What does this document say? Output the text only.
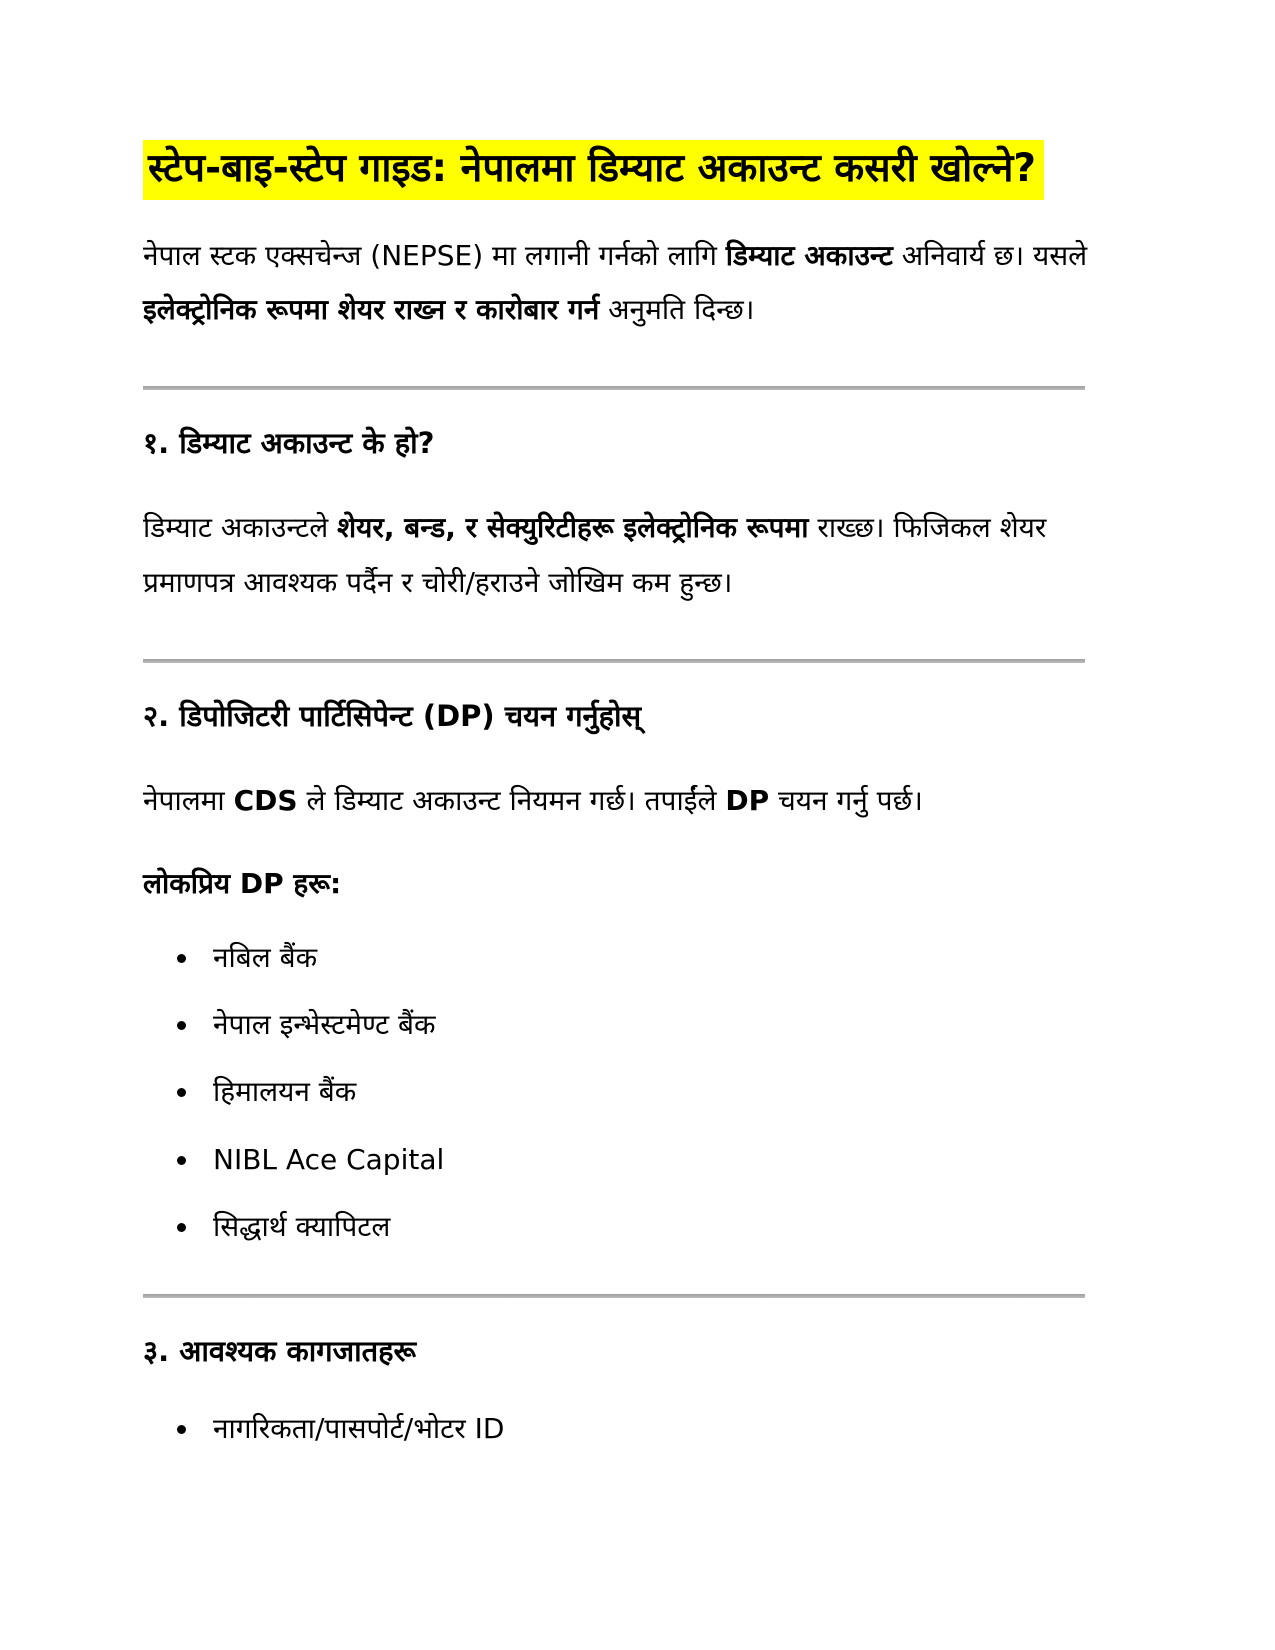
स्टेप-बाइ-स्टेप गाइड: नेपालमा डिम्याट अकाउन्ट कसरी खोल्ने?

नेपाल स्टक एक्सचेन्ज (NEPSE) मा लगानी गर्नको लागि डिम्याट अकाउन्ट अनिवार्य छ। यसले इलेक्ट्रोनिक रूपमा शेयर राख्न र कारोबार गर्न अनुमति दिन्छ।

१. डिम्याट अकाउन्ट के हो?

डिम्याट अकाउन्टले शेयर, बन्ड, र सेक्युरिटीहरू इलेक्ट्रोनिक रूपमा राख्छ। फिजिकल शेयर प्रमाणपत्र आवश्यक पर्दैन र चोरी/हराउने जोखिम कम हुन्छ।

२. डिपोजिटरी पार्टिसिपेन्ट (DP) चयन गर्नुहोस्

नेपालमा CDS ले डिम्याट अकाउन्ट नियमन गर्छ। तपाईंले DP चयन गर्नु पर्छ।

लोकप्रिय DP हरू:

• नबिल बैंक
• नेपाल इन्भेस्टमेण्ट बैंक
• हिमालयन बैंक
• NIBL Ace Capital
• सिद्धार्थ क्यापिटल
३. आवश्यक कागजातहरू
• नागरिकता/पासपोर्ट/भोटर ID
